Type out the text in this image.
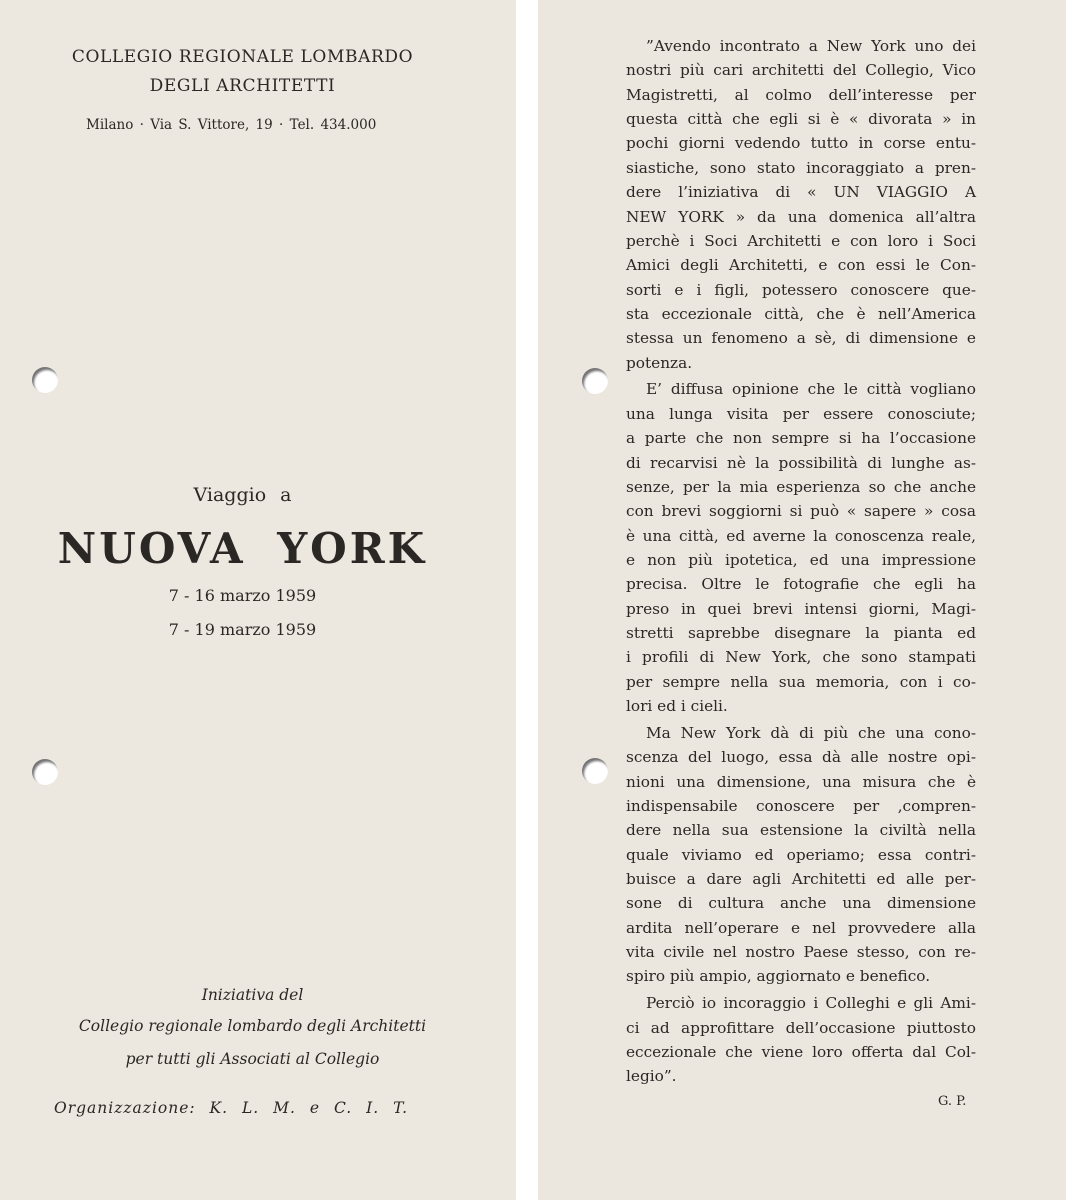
COLLEGIO REGIONALE LOMBARDO
DEGLI ARCHITETTI
Milano · Via S. Vittore, 19 · Tel. 434.000
Viaggio a
NUOVA YORK
7 - 16 marzo 1959
7 - 19 marzo 1959
Iniziativa del
Collegio regionale lombardo degli Architetti
per tutti gli Associati al Collegio
Organizzazione: K. L. M. e C. I. T.
”Avendo incontrato a New York uno dei
nostri più cari architetti del Collegio, Vico
Magistretti, al colmo dell’interesse per
questa città che egli si è « divorata » in
pochi giorni vedendo tutto in corse entu-
siastiche, sono stato incoraggiato a pren-
dere l’iniziativa di « UN VIAGGIO A
NEW YORK » da una domenica all’altra
perchè i Soci Architetti e con loro i Soci
Amici degli Architetti, e con essi le Con-
sorti e i figli, potessero conoscere que-
sta eccezionale città, che è nell’America
stessa un fenomeno a sè, di dimensione e
potenza.
E’ diffusa opinione che le città vogliano
una lunga visita per essere conosciute;
a parte che non sempre si ha l’occasione
di recarvisi nè la possibilità di lunghe as-
senze, per la mia esperienza so che anche
con brevi soggiorni si può « sapere » cosa
è una città, ed averne la conoscenza reale,
e non più ipotetica, ed una impressione
precisa. Oltre le fotografie che egli ha
preso in quei brevi intensi giorni, Magi-
stretti saprebbe disegnare la pianta ed
i profili di New York, che sono stampati
per sempre nella sua memoria, con i co-
lori ed i cieli.
Ma New York dà di più che una cono-
scenza del luogo, essa dà alle nostre opi-
nioni una dimensione, una misura che è
indispensabile conoscere per ‚compren-
dere nella sua estensione la civiltà nella
quale viviamo ed operiamo; essa contri-
buisce a dare agli Architetti ed alle per-
sone di cultura anche una dimensione
ardita nell’operare e nel provvedere alla
vita civile nel nostro Paese stesso, con re-
spiro più ampio, aggiornato e benefico.
Perciò io incoraggio i Colleghi e gli Ami-
ci ad approfittare dell’occasione piuttosto
eccezionale che viene loro offerta dal Col-
legio”.
G. P.
